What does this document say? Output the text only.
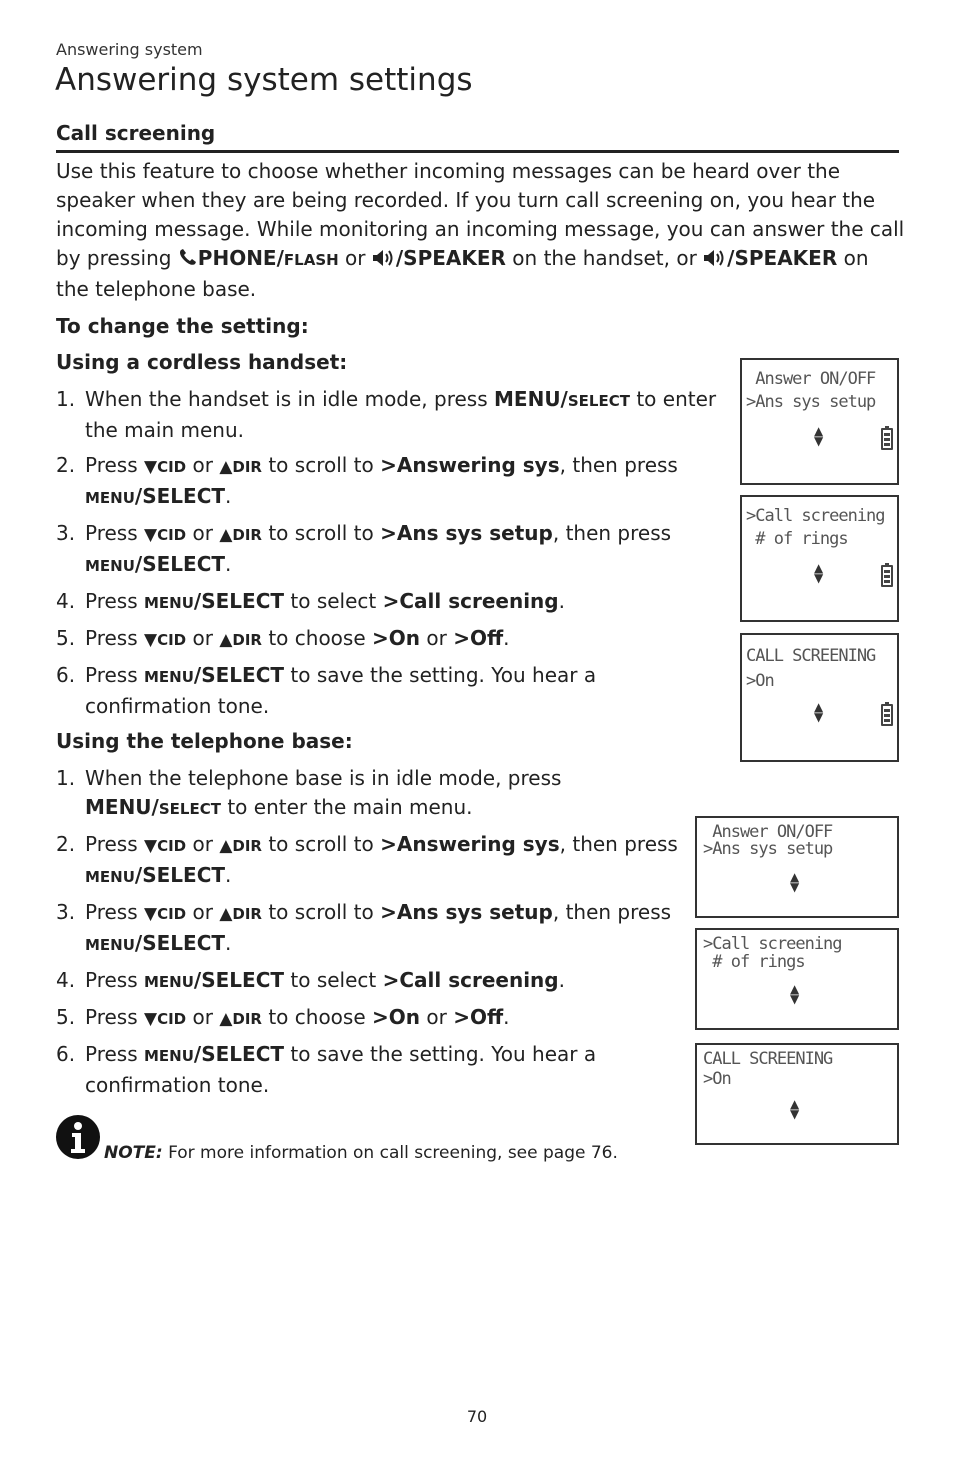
Answering system
Answering system settings
Call screening
Use this feature to choose whether incoming messages can be heard over the speaker when they are being recorded. If you turn call screening on, you hear the incoming message. While monitoring an incoming message, you can answer the call by pressing PHONE/FLASH or /SPEAKER on the handset, or /SPEAKER on the telephone base.
To change the setting:
Using a cordless handset:
1. When the handset is in idle mode, press MENU/SELECT to enter the main menu.
2. Press ▼CID or ▲DIR to scroll to >Answering sys, then press MENU/SELECT.
3. Press ▼CID or ▲DIR to scroll to >Ans sys setup, then press MENU/SELECT.
4. Press MENU/SELECT to select >Call screening.
5. Press ▼CID or ▲DIR to choose >On or >Off.
6. Press MENU/SELECT to save the setting. You hear a confirmation tone.
Answer ON/OFF
>Ans sys setup
▲
▼
>Call screening
# of rings
▲
▼
CALL SCREENING
>On
▲
▼
Using the telephone base:
1. When the telephone base is in idle mode, press MENU/SELECT to enter the main menu.
2. Press ▼CID or ▲DIR to scroll to >Answering sys, then press MENU/SELECT.
3. Press ▼CID or ▲DIR to scroll to >Ans sys setup, then press MENU/SELECT.
4. Press MENU/SELECT to select >Call screening.
5. Press ▼CID or ▲DIR to choose >On or >Off.
6. Press MENU/SELECT to save the setting. You hear a confirmation tone.
Answer ON/OFF
>Ans sys setup
▲
▼
>Call screening
# of rings
▲
▼
CALL SCREENING
>On
▲
▼
NOTE: For more information on call screening, see page 76.
70
